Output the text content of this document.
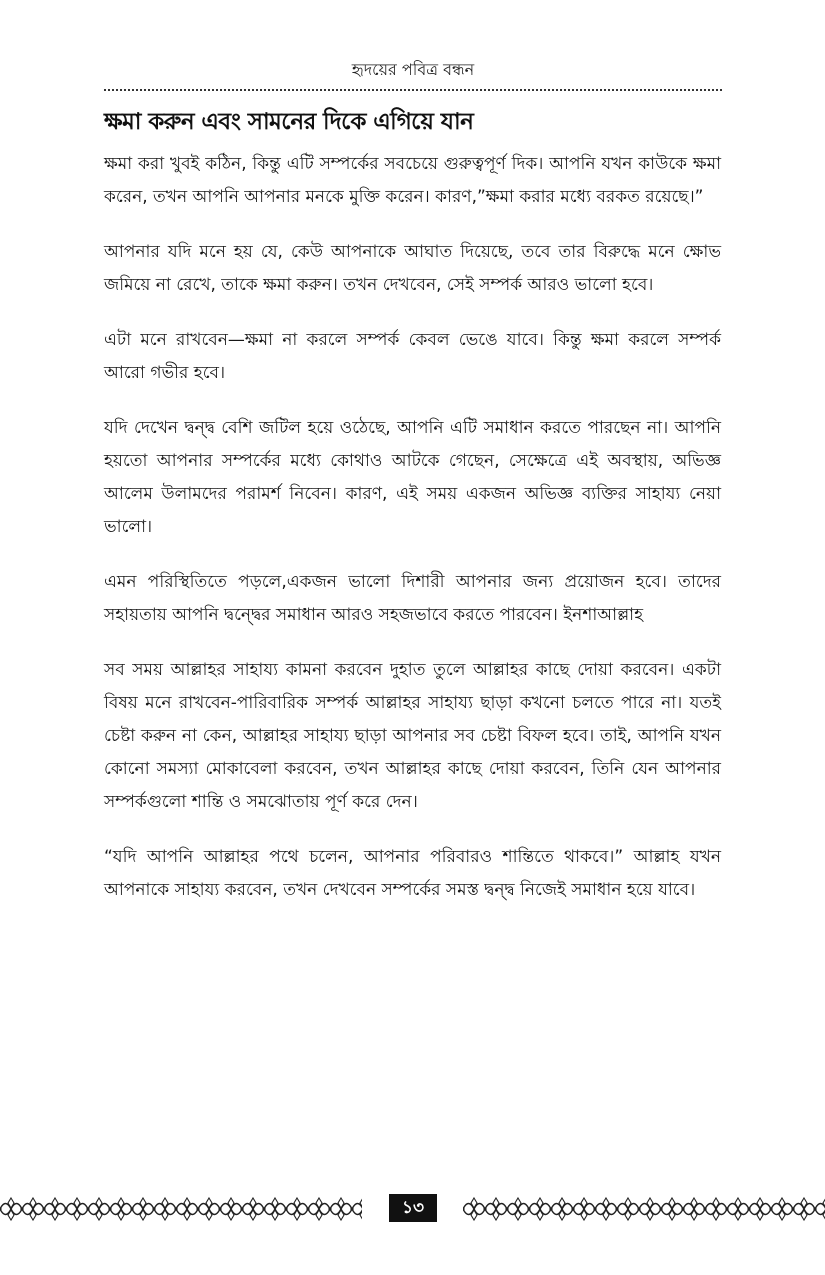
হৃদয়ের পবিত্র বন্ধন
ক্ষমা করুন এবং সামনের দিকে এগিয়ে যান

ক্ষমা করা খুবই কঠিন, কিন্তু এটি সম্পর্কের সবচেয়ে গুরুত্বপূর্ণ দিক। আপনি যখন কাউকে ক্ষমা করেন, তখন আপনি আপনার মনকে মুক্তি করেন। কারণ,”ক্ষমা করার মধ্যে বরকত রয়েছে।”

আপনার যদি মনে হয় যে, কেউ আপনাকে আঘাত দিয়েছে, তবে তার বিরুদ্ধে মনে ক্ষোভ জমিয়ে না রেখে, তাকে ক্ষমা করুন। তখন দেখবেন, সেই সম্পর্ক আরও ভালো হবে।

এটা মনে রাখবেন—ক্ষমা না করলে সম্পর্ক কেবল ভেঙে যাবে। কিন্তু ক্ষমা করলে সম্পর্ক আরো গভীর হবে।

যদি দেখেন দ্বন্দ্ব বেশি জটিল হয়ে ওঠেছে, আপনি এটি সমাধান করতে পারছেন না। আপনি হয়তো আপনার সম্পর্কের মধ্যে কোথাও আটকে গেছেন, সেক্ষেত্রে এই অবস্থায়, অভিজ্ঞ আলেম উলামদের পরামর্শ নিবেন। কারণ, এই সময় একজন অভিজ্ঞ ব্যক্তির সাহায্য নেয়া ভালো।

এমন পরিস্থিতিতে পড়লে,একজন ভালো দিশারী আপনার জন্য প্রয়োজন হবে। তাদের সহায়তায় আপনি দ্বন্দ্বের সমাধান আরও সহজভাবে করতে পারবেন। ইনশাআল্লাহ

সব সময় আল্লাহর সাহায্য কামনা করবেন দুহাত তুলে আল্লাহর কাছে দোয়া করবেন। একটা বিষয় মনে রাখবেন-পারিবারিক সম্পর্ক আল্লাহর সাহায্য ছাড়া কখনো চলতে পারে না। যতই চেষ্টা করুন না কেন, আল্লাহর সাহায্য ছাড়া আপনার সব চেষ্টা বিফল হবে। তাই, আপনি যখন কোনো সমস্যা মোকাবেলা করবেন, তখন আল্লাহর কাছে দোয়া করবেন, তিনি যেন আপনার সম্পর্কগুলো শান্তি ও সমঝোতায় পূর্ণ করে দেন।

“যদি আপনি আল্লাহর পথে চলেন, আপনার পরিবারও শান্তিতে থাকবে।” আল্লাহ যখন আপনাকে সাহায্য করবেন, তখন দেখবেন সম্পর্কের সমস্ত দ্বন্দ্ব নিজেই সমাধান হয়ে যাবে।

১৩
